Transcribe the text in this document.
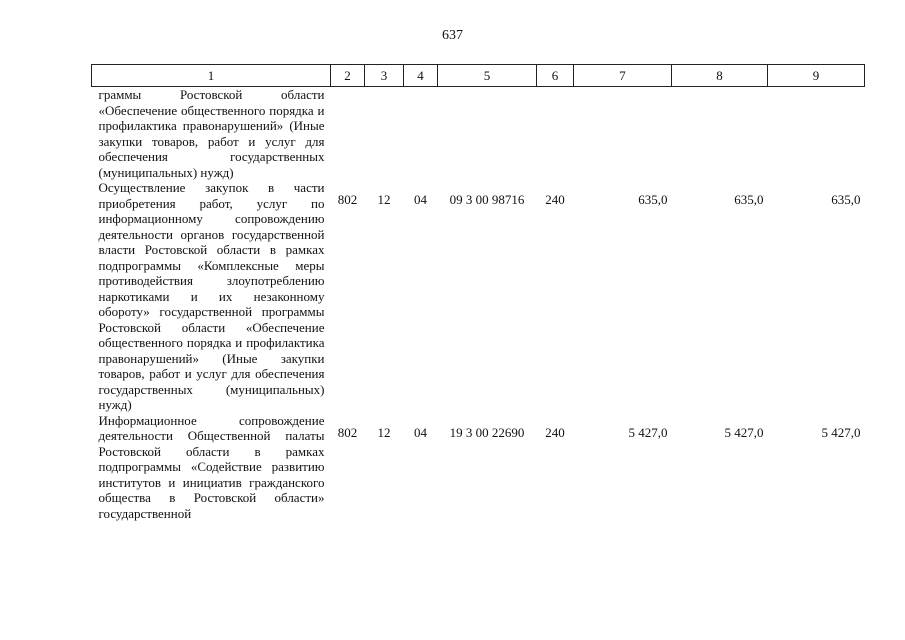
637
1	2	3	4	5	6	7	8	9
граммы Ростовской области «Обеспечение общественного порядка и профилактика правонарушений» (Иные закупки товаров, работ и услуг для обеспечения государственных (муниципальных) нужд)								
Осуществление закупок в части приобретения работ, услуг по информационному сопровождению деятельности органов государственной власти Ростовской области в рамках подпрограммы «Комплексные меры противодействия злоупотреблению наркотиками и их незаконному обороту» государственной программы Ростовской области «Обеспечение общественного порядка и профилактика правонарушений» (Иные закупки товаров, работ и услуг для обеспечения государственных (муниципальных) нужд)	802	12	04	09 3 00 98716	240	635,0	635,0	635,0
Информационное сопровождение деятельности Общественной палаты Ростовской области в рамках подпрограммы «Содействие развитию институтов и инициатив гражданского общества в Ростовской области» государственной	802	12	04	19 3 00 22690	240	5 427,0	5 427,0	5 427,0
